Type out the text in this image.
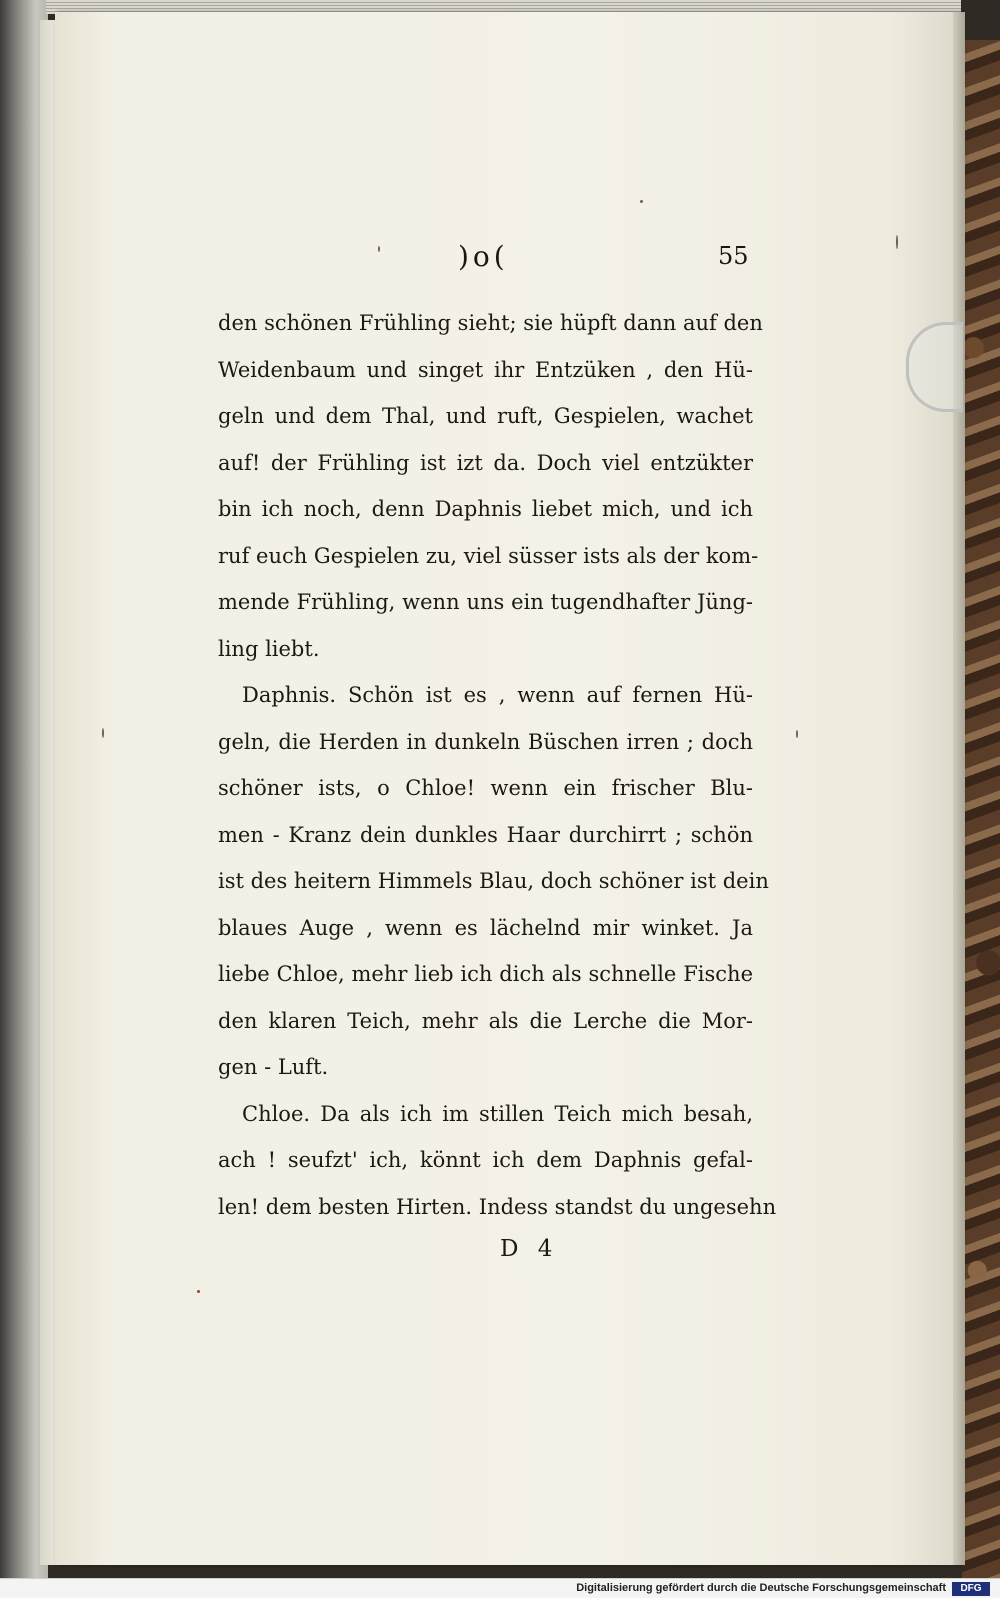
)o(	55
den schönen Frühling sieht; sie hüpft dann auf den
Weidenbaum und singet ihr Entzüken , den Hü-
geln und dem Thal, und ruft, Gespielen, wachet
auf! der Frühling ist izt da. Doch viel entzükter
bin ich noch, denn Daphnis liebet mich, und ich
ruf euch Gespielen zu, viel süsser ists als der kom-
mende Frühling, wenn uns ein tugendhafter Jüng-
ling liebt.
Daphnis. Schön ist es , wenn auf fernen Hü-
geln, die Herden in dunkeln Büschen irren ; doch
schöner ists, o Chloe! wenn ein frischer Blu-
men - Kranz dein dunkles Haar durchirrt ; schön
ist des heitern Himmels Blau, doch schöner ist dein
blaues Auge , wenn es lächelnd mir winket. Ja
liebe Chloe, mehr lieb ich dich als schnelle Fische
den klaren Teich, mehr als die Lerche die Mor-
gen - Luft.
Chloe. Da als ich im stillen Teich mich besah,
ach ! seufzt' ich, könnt ich dem Daphnis gefal-
len! dem besten Hirten. Indess standst du ungesehn
D 4
Digitalisierung gefördert durch die Deutsche Forschungsgemeinschaft	DFG
